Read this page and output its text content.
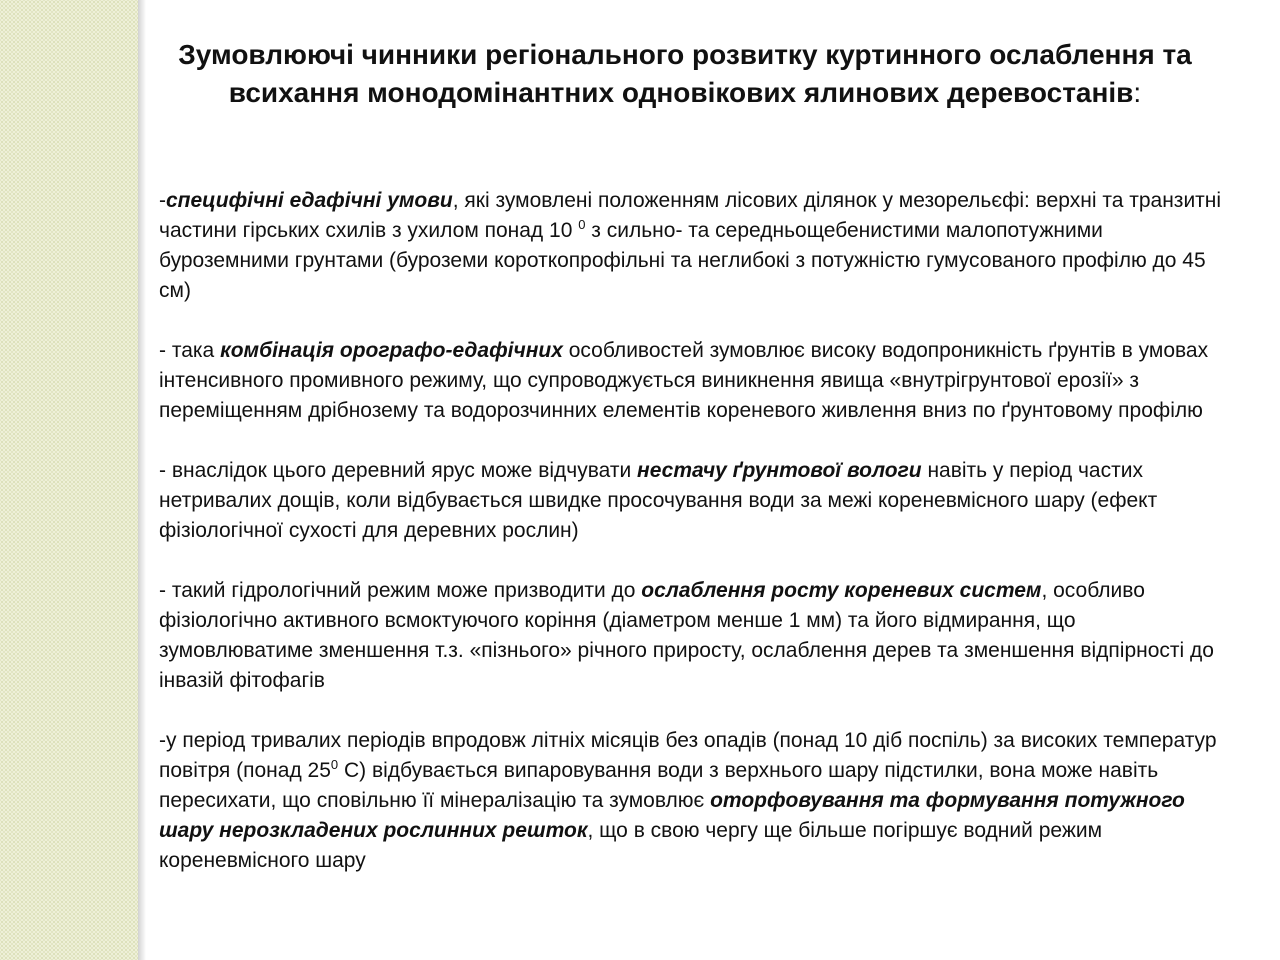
Зумовлюючі чинники регіонального розвитку куртинного ослаблення та всихання монодомінантних одновікових ялинових деревостанів:

-специфічні едафічні умови, які зумовлені положенням лісових ділянок у мезорельєфі: верхні та транзитні частини гірських схилів з ухилом понад 10 $^0$ з сильно- та середньощебенистими малопотужними буроземними грунтами (буроземи короткопрофільні та неглибокі з потужністю гумусованого профілю до 45 см)

- така комбінація орографо-едафічних особливостей зумовлює високу водопроникність ґрунтів в умовах інтенсивного промивного режиму, що супроводжується виникнення явища «внутрігрунтової ерозії» з переміщенням дрібнозему та водорозчинних елементів кореневого живлення вниз по ґрунтовому профілю

- внаслідок цього деревний ярус може відчувати нестачу ґрунтової вологи навіть у період частих нетривалих дощів, коли відбувається швидке просочування води за межі кореневмісного шару (ефект фізіологічної сухості для деревних рослин)

- такий гідрологічний режим може призводити до ослаблення росту кореневих систем, особливо фізіологічно активного всмоктуючого коріння (діаметром менше 1 мм) та його відмирання, що зумовлюватиме зменшення т.з. «пізнього» річного приросту, ослаблення дерев та зменшення відпірності до інвазій фітофагів

-у період тривалих періодів впродовж літніх місяців без опадів (понад 10 діб поспіль) за високих температур повітря (понад $25^0$ С) відбувається випаровування води з верхнього шару підстилки, вона може навіть пересихати, що сповільню її мінералізацію та зумовлює оторфовування та формування потужного шару нерозкладених рослинних решток, що в свою чергу ще більше погіршує водний режим кореневмісного шару
